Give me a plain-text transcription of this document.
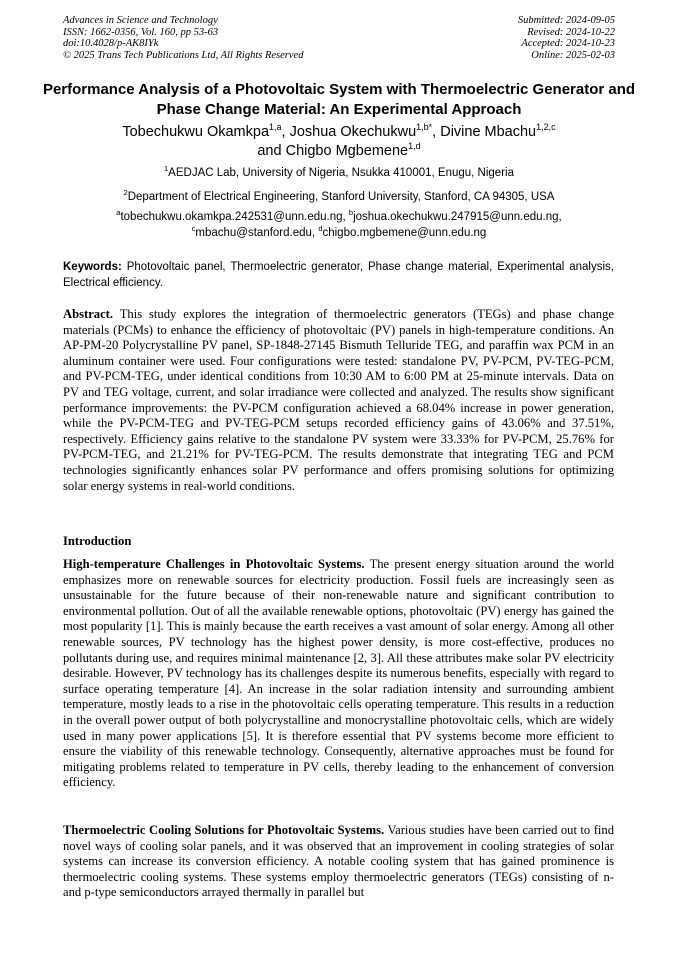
Advances in Science and Technology
ISSN: 1662-0356, Vol. 160, pp 53-63
doi:10.4028/p-AK8IYk
© 2025 Trans Tech Publications Ltd, All Rights Reserved
Submitted: 2024-09-05
Revised: 2024-10-22
Accepted: 2024-10-23
Online: 2025-02-03
Performance Analysis of a Photovoltaic System with Thermoelectric Generator and Phase Change Material: An Experimental Approach
Tobechukwu Okamkpa$^{1,a}$, Joshua Okechukwu$^{1,b*}$, Divine Mbachu$^{1,2,c}$
and Chigbo Mgbemene$^{1,d}$
$^1$AEDJAC Lab, University of Nigeria, Nsukka 410001, Enugu, Nigeria
$^2$Department of Electrical Engineering, Stanford University, Stanford, CA 94305, USA
$^a$tobechukwu.okamkpa.242531@unn.edu.ng, $^b$joshua.okechukwu.247915@unn.edu.ng,
$^c$mbachu@stanford.edu, $^d$chigbo.mgbemene@unn.edu.ng
Keywords: Photovoltaic panel, Thermoelectric generator, Phase change material, Experimental analysis, Electrical efficiency.
Abstract. This study explores the integration of thermoelectric generators (TEGs) and phase change materials (PCMs) to enhance the efficiency of photovoltaic (PV) panels in high-temperature conditions. An AP-PM-20 Polycrystalline PV panel, SP-1848-27145 Bismuth Telluride TEG, and paraffin wax PCM in an aluminum container were used. Four configurations were tested: standalone PV, PV-PCM, PV-TEG-PCM, and PV-PCM-TEG, under identical conditions from 10:30 AM to 6:00 PM at 25-minute intervals. Data on PV and TEG voltage, current, and solar irradiance were collected and analyzed. The results show significant performance improvements: the PV-PCM configuration achieved a 68.04% increase in power generation, while the PV-PCM-TEG and PV-TEG-PCM setups recorded efficiency gains of 43.06% and 37.51%, respectively. Efficiency gains relative to the standalone PV system were 33.33% for PV-PCM, 25.76% for PV-PCM-TEG, and 21.21% for PV-TEG-PCM. The results demonstrate that integrating TEG and PCM technologies significantly enhances solar PV performance and offers promising solutions for optimizing solar energy systems in real-world conditions.
Introduction
High-temperature Challenges in Photovoltaic Systems. The present energy situation around the world emphasizes more on renewable sources for electricity production. Fossil fuels are increasingly seen as unsustainable for the future because of their non-renewable nature and significant contribution to environmental pollution. Out of all the available renewable options, photovoltaic (PV) energy has gained the most popularity [1]. This is mainly because the earth receives a vast amount of solar energy. Among all other renewable sources, PV technology has the highest power density, is more cost-effective, produces no pollutants during use, and requires minimal maintenance [2, 3]. All these attributes make solar PV electricity desirable. However, PV technology has its challenges despite its numerous benefits, especially with regard to surface operating temperature [4]. An increase in the solar radiation intensity and surrounding ambient temperature, mostly leads to a rise in the photovoltaic cells operating temperature. This results in a reduction in the overall power output of both polycrystalline and monocrystalline photovoltaic cells, which are widely used in many power applications [5]. It is therefore essential that PV systems become more efficient to ensure the viability of this renewable technology. Consequently, alternative approaches must be found for mitigating problems related to temperature in PV cells, thereby leading to the enhancement of conversion efficiency.
Thermoelectric Cooling Solutions for Photovoltaic Systems. Various studies have been carried out to find novel ways of cooling solar panels, and it was observed that an improvement in cooling strategies of solar systems can increase its conversion efficiency. A notable cooling system that has gained prominence is thermoelectric cooling systems. These systems employ thermoelectric generators (TEGs) consisting of n- and p-type semiconductors arrayed thermally in parallel but
